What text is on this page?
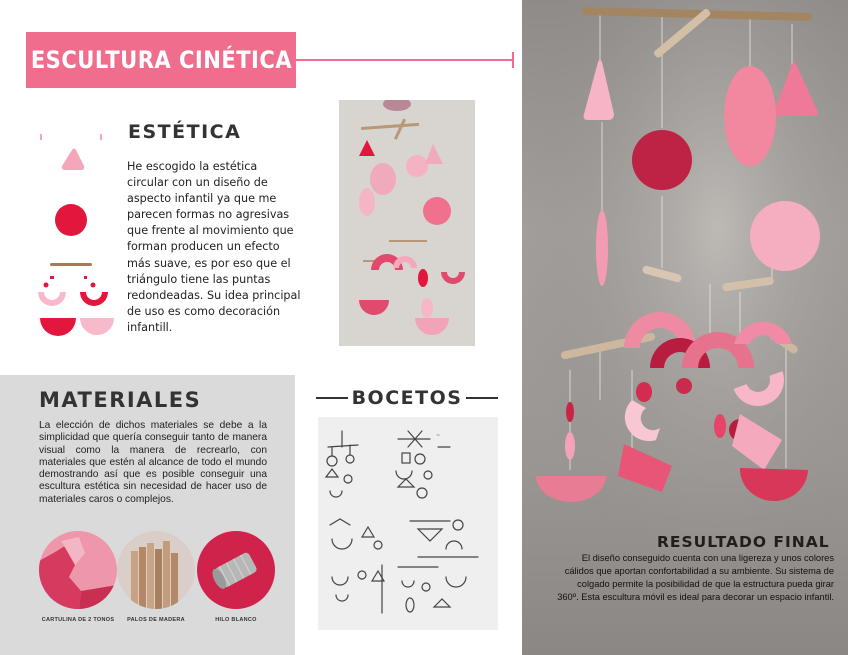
ESCULTURA CINÉTICA
ESTÉTICA
He escogido la estética circular con un diseño de aspecto infantil ya que me parecen formas no agresivas que frente al movimiento que forman producen un efecto más suave, es por eso que el triángulo tiene las puntas redondeadas. Su idea principal de uso es como decoración infantill.
MATERIALES
La elección de dichos materiales se debe a la simplicidad que quería conseguir tanto de manera visual como la manera de recrearlo, con materiales que estén al alcance de todo el mundo demostrando así que es posible conseguir una escultura estética sin necesidad de hacer uso de materiales caros o complejos.
CARTULINA DE 2 TONOS	PALOS DE MADERA	HILO BLANCO
BOCETOS
~
RESULTADO FINAL
El diseño conseguido cuenta con una ligereza y unos colores cálidos que aportan confortabilidad a su ambiente. Su sistema de colgado permite la posibilidad de que la estructura pueda girar 360º. Esta escultura móvil es ideal para decorar un espacio infantil.
